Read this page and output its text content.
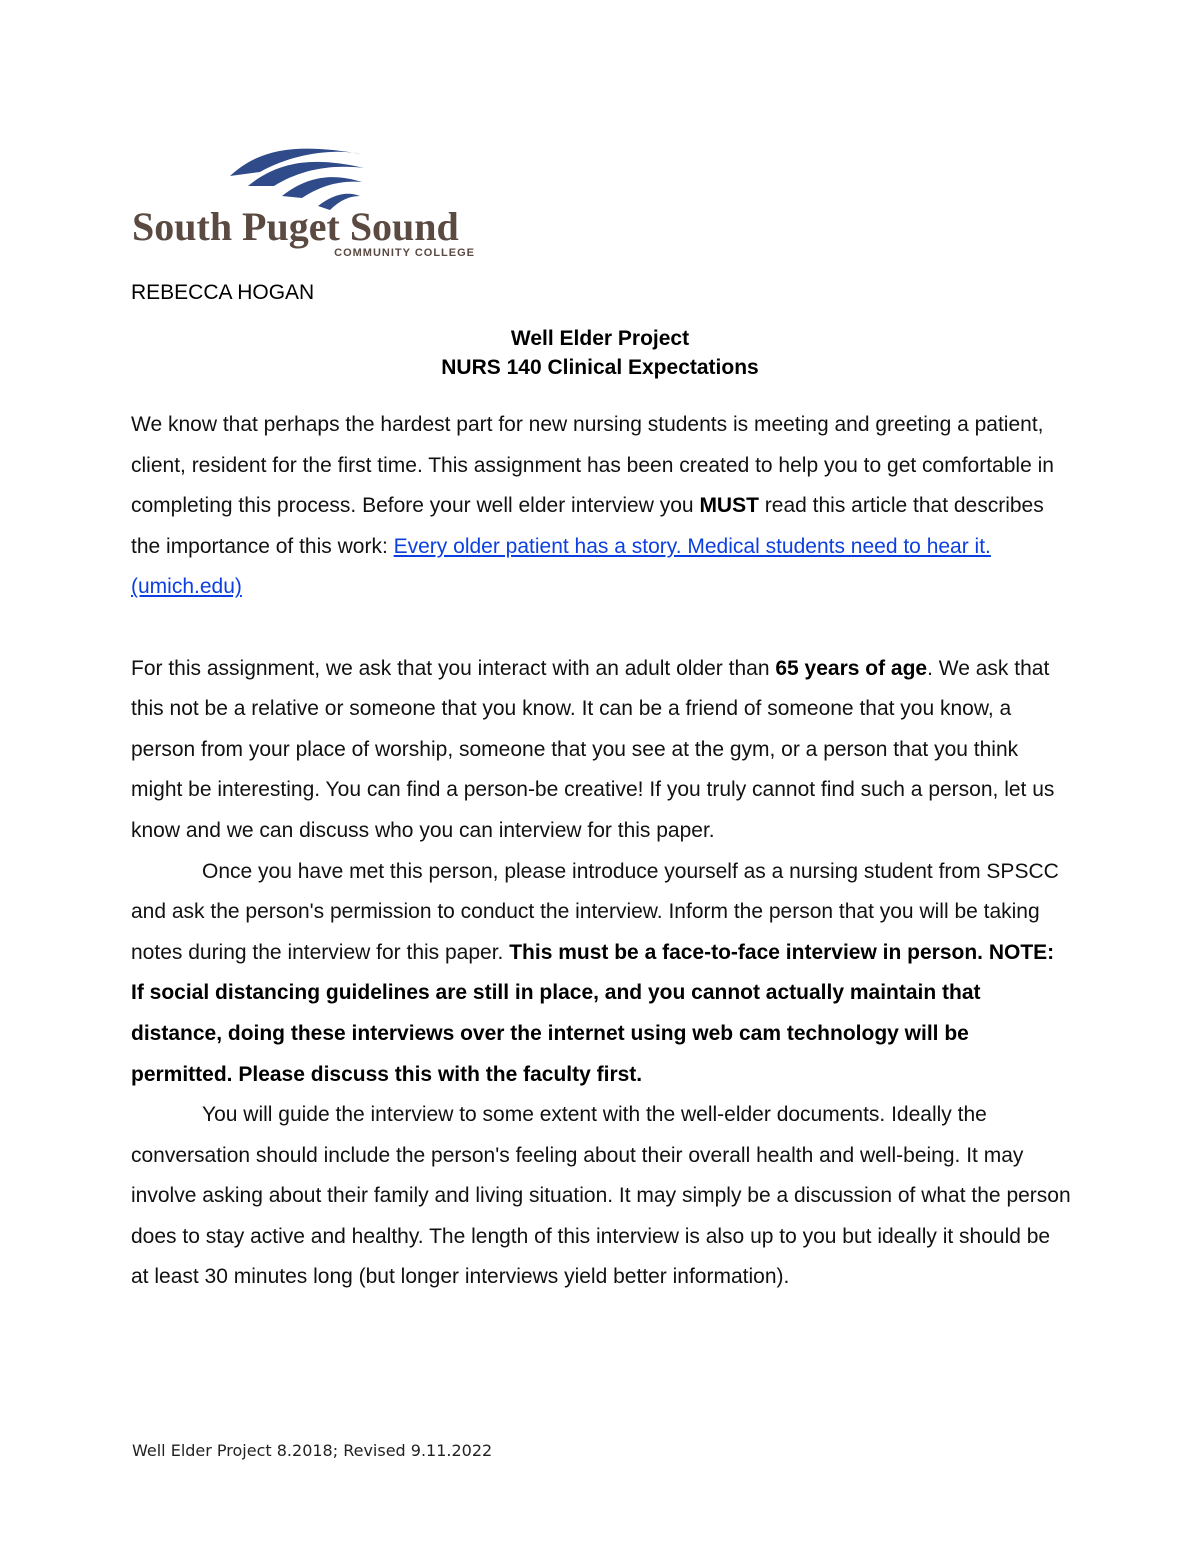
South Puget Sound
COMMUNITY COLLEGE
REBECCA HOGAN
Well Elder Project
NURS 140 Clinical Expectations

We know that perhaps the hardest part for new nursing students is meeting and greeting a patient, client, resident for the first time. This assignment has been created to help you to get comfortable in completing this process. Before your well elder interview you MUST read this article that describes the importance of this work: Every older patient has a story. Medical students need to hear it. (umich.edu)

For this assignment, we ask that you interact with an adult older than 65 years of age. We ask that this not be a relative or someone that you know. It can be a friend of someone that you know, a person from your place of worship, someone that you see at the gym, or a person that you think might be interesting. You can find a person-be creative! If you truly cannot find such a person, let us know and we can discuss who you can interview for this paper.

Once you have met this person, please introduce yourself as a nursing student from SPSCC and ask the person's permission to conduct the interview. Inform the person that you will be taking notes during the interview for this paper. This must be a face-to-face interview in person. NOTE: If social distancing guidelines are still in place, and you cannot actually maintain that distance, doing these interviews over the internet using web cam technology will be permitted. Please discuss this with the faculty first.

You will guide the interview to some extent with the well-elder documents. Ideally the conversation should include the person's feeling about their overall health and well-being. It may involve asking about their family and living situation. It may simply be a discussion of what the person does to stay active and healthy. The length of this interview is also up to you but ideally it should be at least 30 minutes long (but longer interviews yield better information).

Well Elder Project 8.2018; Revised 9.11.2022
